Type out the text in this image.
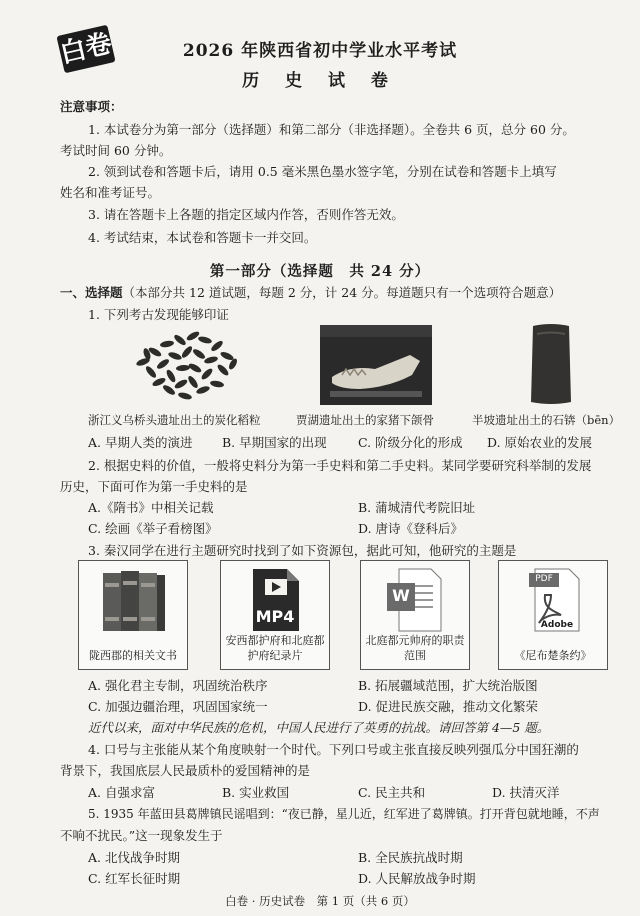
白卷	2026 年陕西省初中学业水平考试
历 史 试 卷
注意事项：
1. 本试卷分为第一部分（选择题）和第二部分（非选择题）。全卷共 6 页，总分 60 分。
考试时间 60 分钟。
2. 领到试卷和答题卡后，请用 0.5 毫米黑色墨水签字笔，分别在试卷和答题卡上填写
姓名和准考证号。
3. 请在答题卡上各题的指定区域内作答，否则作答无效。
4. 考试结束，本试卷和答题卡一并交回。
第一部分（选择题　共 24 分）
一、选择题（本部分共 12 道试题，每题 2 分，计 24 分。每道题只有一个选项符合题意）
1. 下列考古发现能够印证
浙江义乌桥头遗址出土的炭化稻粒	贾湖遗址出土的家猪下颌骨	半坡遗址出土的石锛（bēn）
A. 早期人类的演进 B. 早期国家的出现	C. 阶级分化的形成 D. 原始农业的发展
2. 根据史料的价值，一般将史料分为第一手史料和第二手史料。某同学要研究科举制的发展
历史，下面可作为第一手史料的是
A.《隋书》中相关记载	B. 蒲城清代考院旧址
C. 绘画《举子看榜图》	D. 唐诗《登科后》
3. 秦汉同学在进行主题研究时找到了如下资源包，据此可知，他研究的主题是
陇西郡的相关文书
MP4
安西都护府和北庭都护府纪录片
W
北庭都元帅府的职责范围
PDF
Adobe
《尼布楚条约》
A. 强化君主专制，巩固统治秩序	B. 拓展疆域范围，扩大统治版图
C. 加强边疆治理，巩固国家统一	D. 促进民族交融，推动文化繁荣
近代以来，面对中华民族的危机，中国人民进行了英勇的抗战。请回答第 4—5 题。
4. 口号与主张能从某个角度映射一个时代。下列口号或主张直接反映列强瓜分中国狂潮的
背景下，我国底层人民最质朴的爱国精神的是
A. 自强求富	B. 实业救国	C. 民主共和	D. 扶清灭洋
5. 1935 年蓝田县葛牌镇民谣唱到：“夜已静，星儿近，红军进了葛牌镇。打开背包就地睡，不声
不响不扰民。”这一现象发生于
A. 北伐战争时期	B. 全民族抗战时期
C. 红军长征时期	D. 人民解放战争时期
白卷 · 历史试卷　第 1 页（共 6 页）
